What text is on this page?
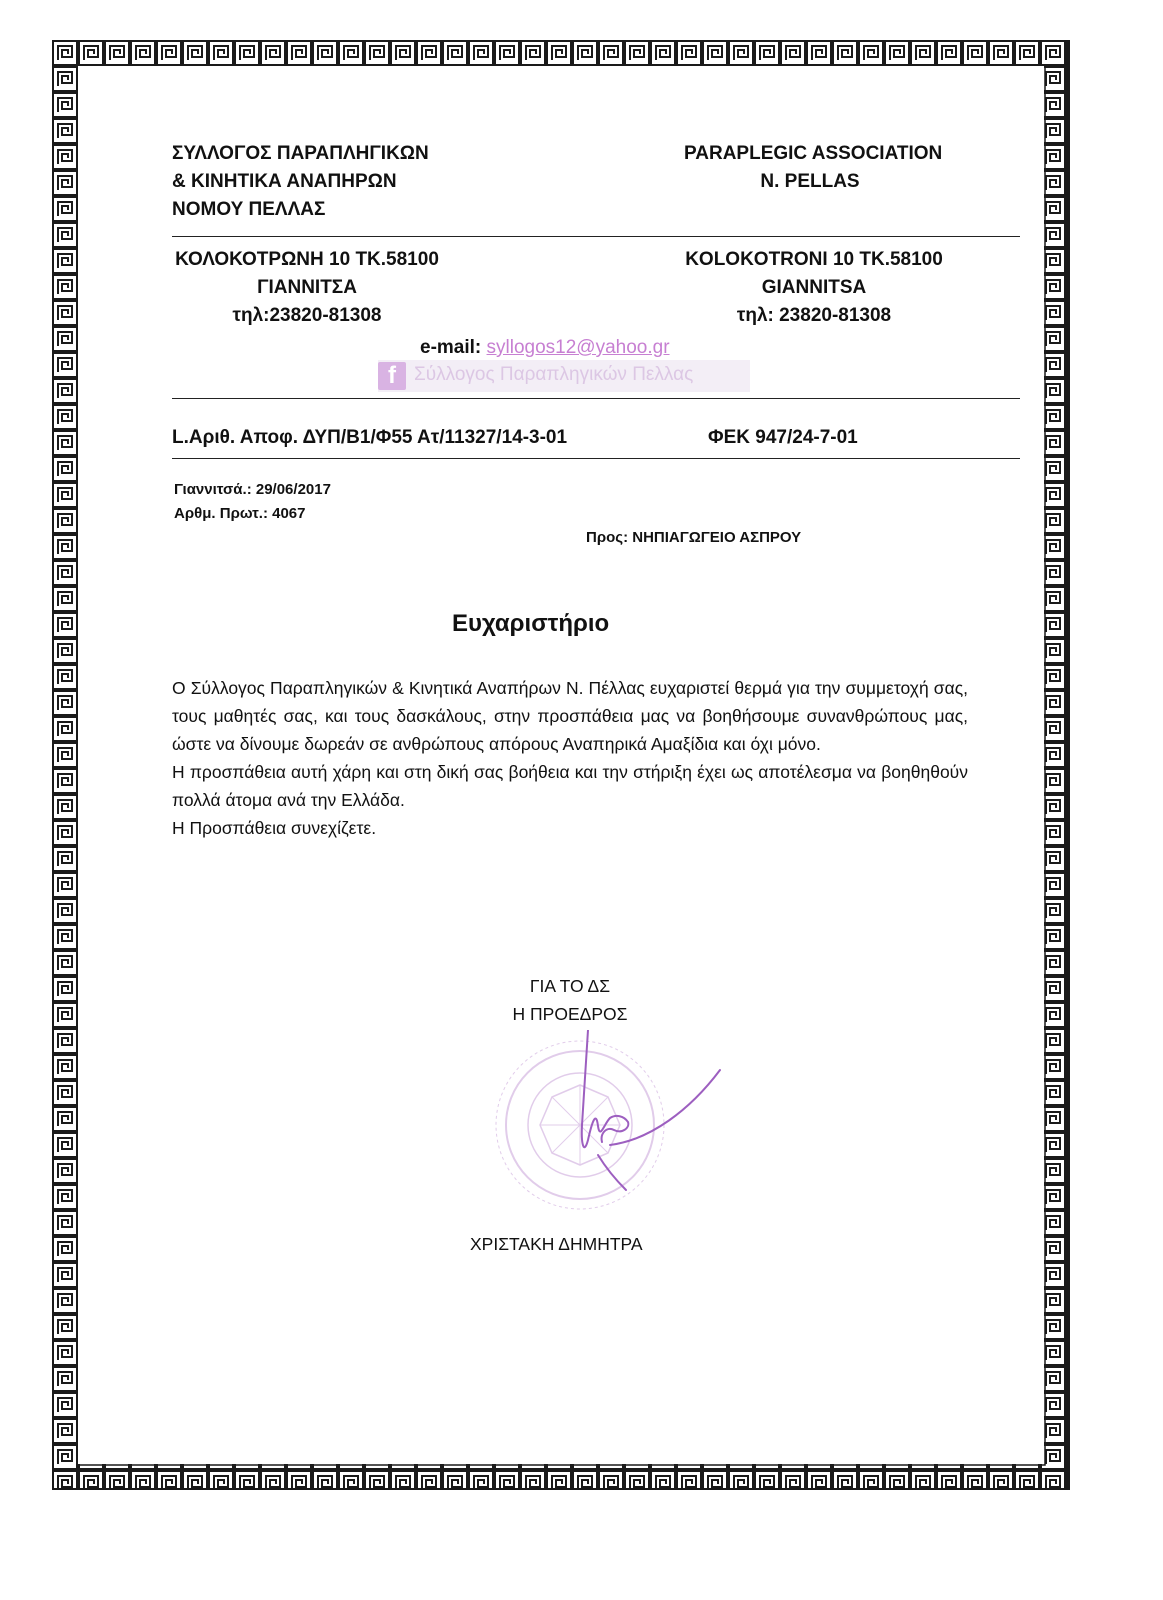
ΣΥΛΛΟΓΟΣ ΠΑΡΑΠΛΗΓΙΚΩΝ
& ΚΙΝΗΤΙΚΑ ΑΝΑΠΗΡΩΝ
ΝΟΜΟΥ ΠΕΛΛΑΣ
PARAPLEGIC ASSOCIATION
N. PELLAS
ΚΟΛΟΚΟΤΡΩΝΗ 10 ΤΚ.58100
ΓΙΑΝΝΙΤΣΑ
τηλ:23820-81308
KOLOKOTRONI 10 TK.58100
GIANNITSA
τηλ: 23820-81308
e-mail: syllogos12@yahoo.gr
f Σύλλογος Παραπληγικών Πελλας
L.Αριθ. Αποφ. ΔΥΠ/Β1/Φ55 Ατ/11327/14-3-01	ΦΕΚ 947/24-7-01
Γιαννιτσά.: 29/06/2017
Αρθμ. Πρωτ.: 4067
Προς: ΝΗΠΙΑΓΩΓΕΙΟ ΑΣΠΡΟΥ
Ευχαριστήριο

Ο Σύλλογος Παραπληγικών & Κινητικά Αναπήρων Ν. Πέλλας ευχαριστεί θερμά για την συμμετοχή σας, τους μαθητές σας, και τους δασκάλους, στην προσπάθεια μας να βοηθήσουμε συνανθρώπους μας, ώστε να δίνουμε δωρεάν σε ανθρώπους απόρους Αναπηρικά Αμαξίδια και όχι μόνο.

Η προσπάθεια αυτή χάρη και στη δική σας βοήθεια και την στήριξη έχει ως αποτέλεσμα να βοηθηθούν πολλά άτομα ανά την Ελλάδα.

Η Προσπάθεια συνεχίζετε.

ΓΙΑ ΤΟ ΔΣ
Η ΠΡΟΕΔΡΟΣ
ΧΡΙΣΤΑΚΗ ΔΗΜΗΤΡΑ
